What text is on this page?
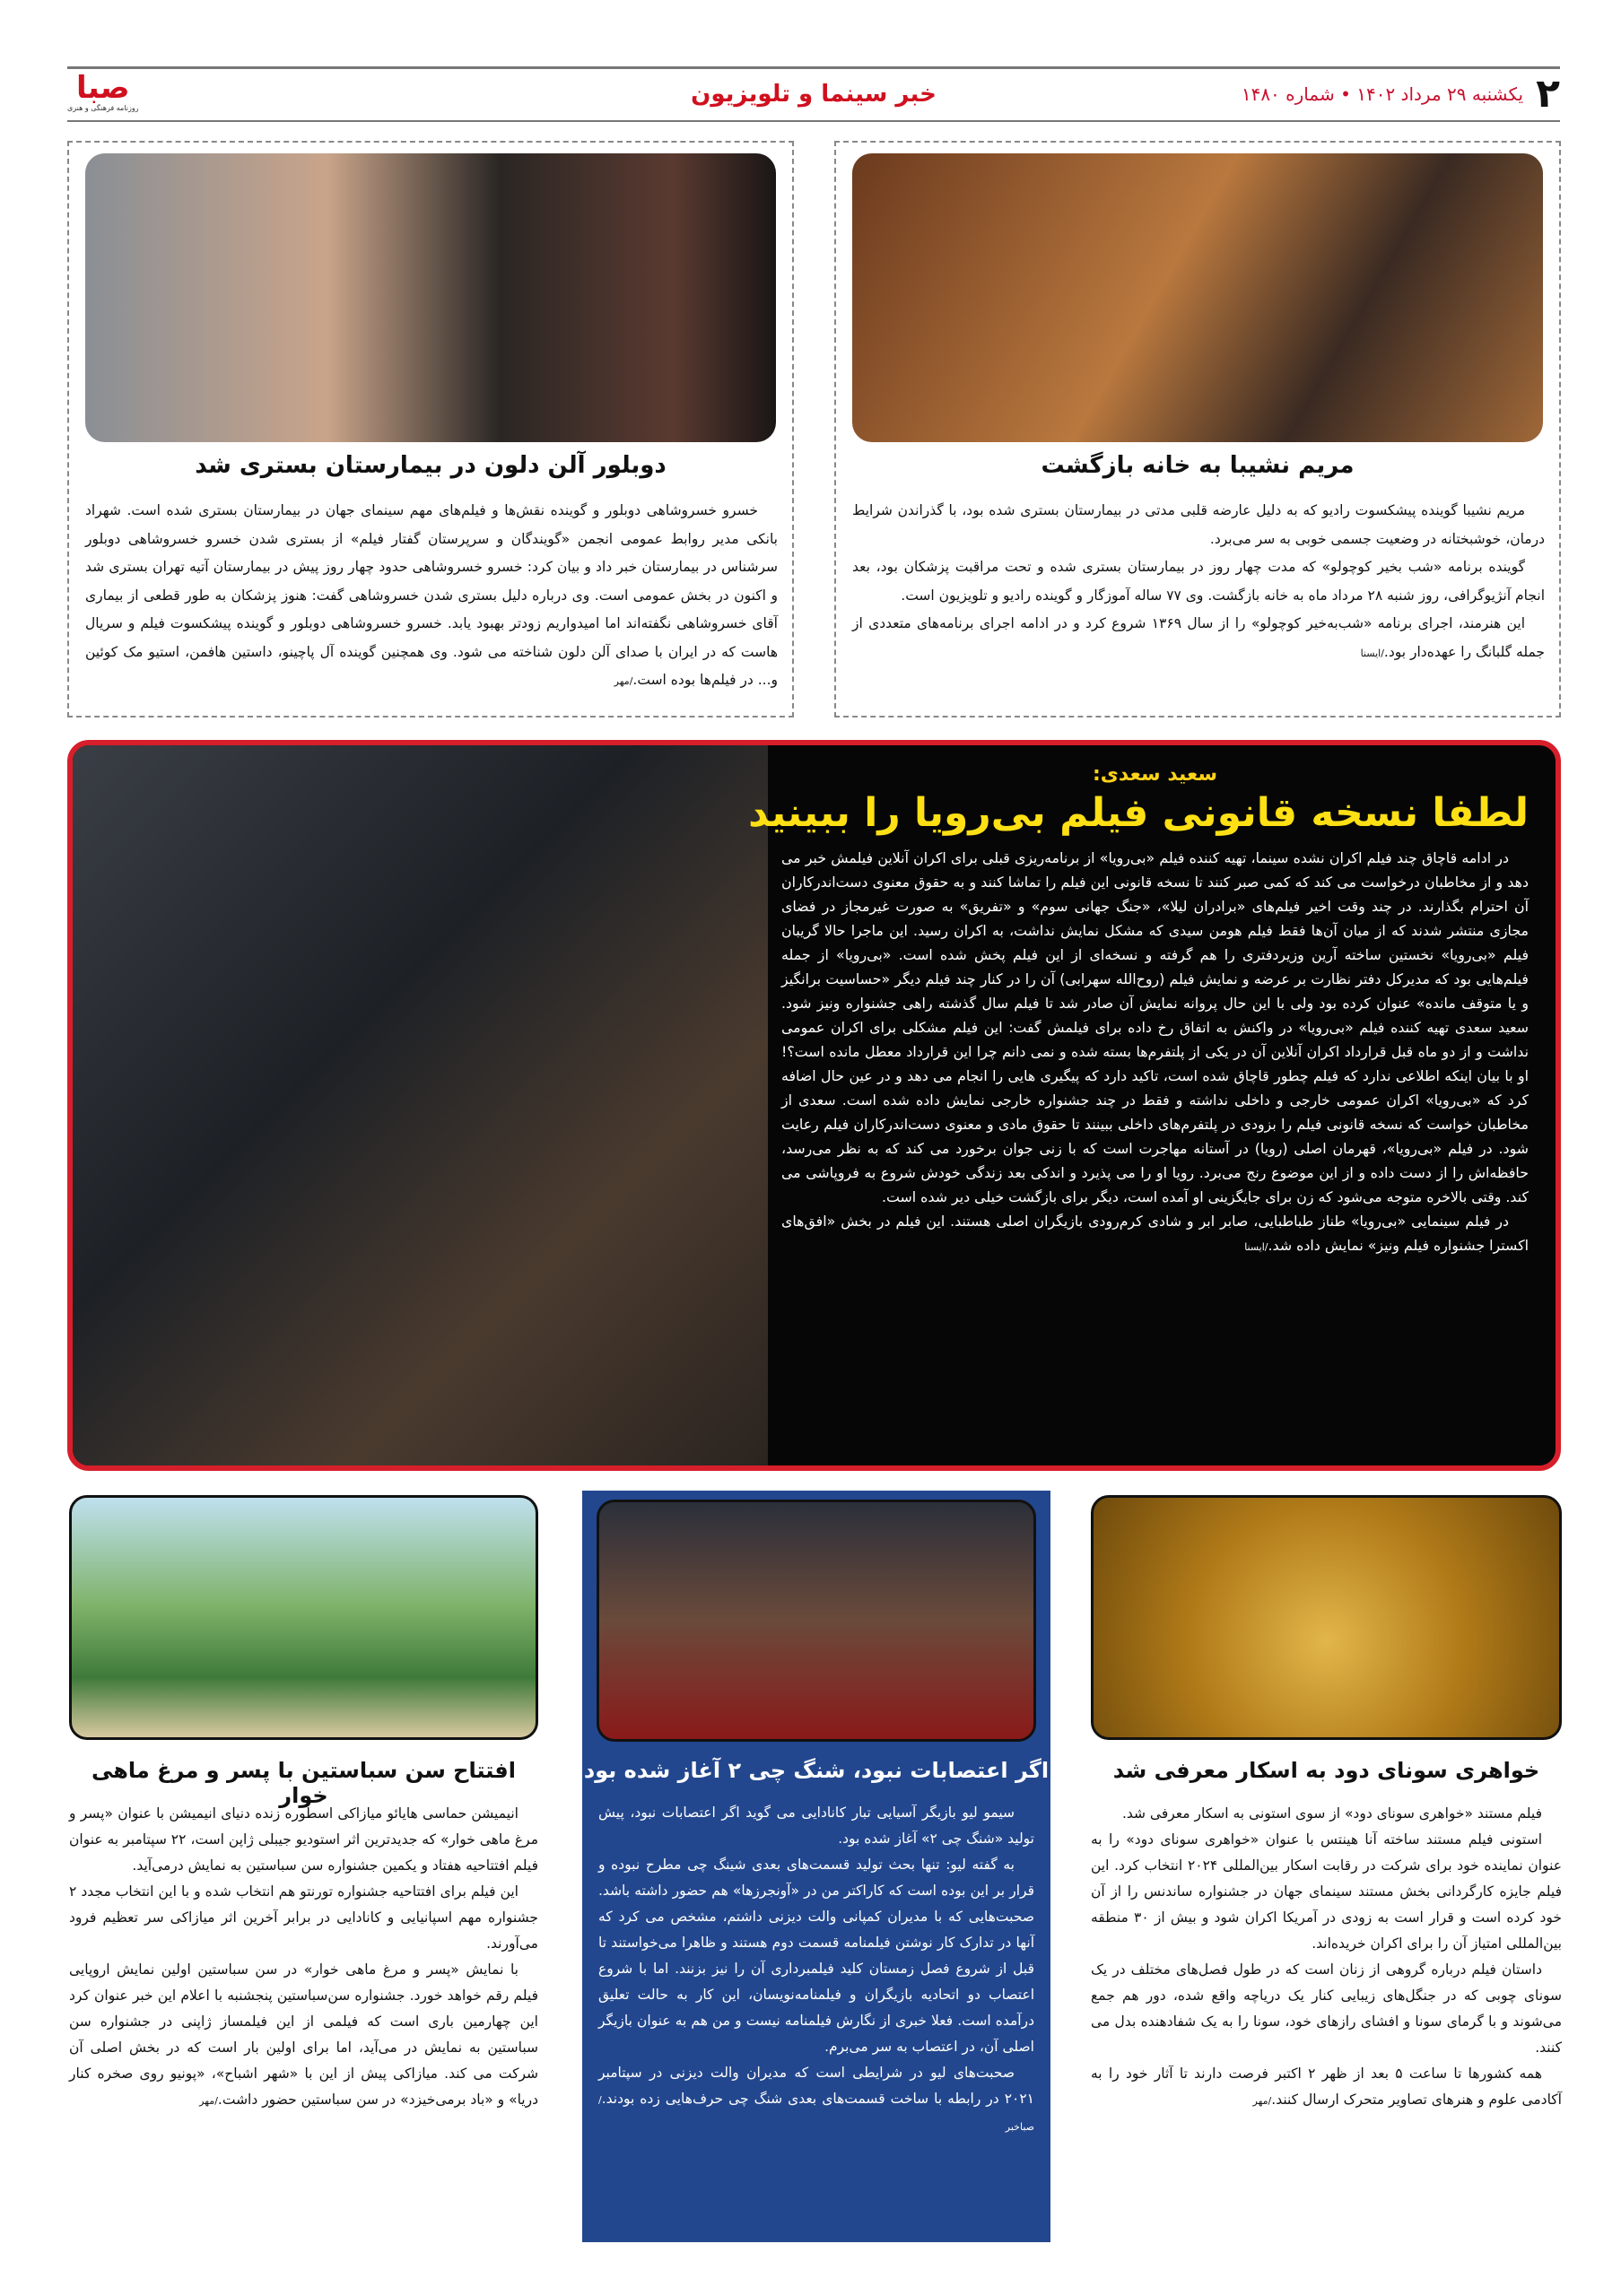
۲
یکشنبه ۲۹ مرداد ۱۴۰۲ • شماره ۱۴۸۰
خبر سینما و تلویزیون
صبا
روزنامه فرهنگی و هنری
مریم نشیبا به خانه بازگشت

مریم نشیبا گوینده پیشکسوت رادیو که به دلیل عارضه قلبی مدتی در بیمارستان بستری شده بود، با گذراندن شرایط درمان، خوشبختانه در وضعیت جسمی خوبی به سر می‌برد.

گوینده برنامه «شب بخیر کوچولو» که مدت چهار روز در بیمارستان بستری شده و تحت مراقبت پزشکان بود، بعد انجام آنژیوگرافی، روز شنبه ۲۸ مرداد ماه به خانه بازگشت. وی ۷۷ ساله آموزگار و گوینده رادیو و تلویزیون است.

این هنرمند، اجرای برنامه «شب‌به‌خیر کوچولو» را از سال ۱۳۶۹ شروع کرد و در ادامه اجرای برنامه‌های متعددی از جمله گلبانگ را عهده‌دار بود./ایسنا

دوبلور آلن دلون در بیمارستان بستری شد

خسرو خسروشاهی دوبلور و گوینده نقش‌ها و فیلم‌های مهم سینمای جهان در بیمارستان بستری شده است. شهراد بانکی مدیر روابط عمومی انجمن «گویندگان و سرپرستان گفتار فیلم» از بستری شدن خسرو خسروشاهی دوبلور سرشناس در بیمارستان خبر داد و بیان کرد: خسرو خسروشاهی حدود چهار روز پیش در بیمارستان آتیه تهران بستری شد و اکنون در بخش عمومی است. وی درباره دلیل بستری شدن خسروشاهی گفت: هنوز پزشکان به طور قطعی از بیماری آقای خسروشاهی نگفته‌اند اما امیدواریم زودتر بهبود یابد. خسرو خسروشاهی دوبلور و گوینده پیشکسوت فیلم و سریال هاست که در ایران با صدای آلن دلون شناخته می شود. وی همچنین گوینده آل پاچینو، داستین هافمن، استیو مک کوئین و... در فیلم‌ها بوده است./مهر

سعید سعدی:
لطفا نسخه قانونی فیلم بی‌رویا را ببینید

در ادامه قاچاق چند فیلم اکران نشده سینما، تهیه کننده فیلم «بی‌رویا» از برنامه‌ریزی قبلی برای اکران آنلاین فیلمش خبر می دهد و از مخاطبان درخواست می کند که کمی صبر کنند تا نسخه قانونی این فیلم را تماشا کنند و به حقوق معنوی دست‌اندرکاران آن احترام بگذارند. در چند وقت اخیر فیلم‌های «برادران لیلا»، «جنگ جهانی سوم» و «تفریق» به صورت غیرمجاز در فضای مجازی منتشر شدند که از میان آن‌ها فقط فیلم هومن سیدی که مشکل نمایش نداشت، به اکران رسید. این ماجرا حالا گریبان فیلم «بی‌رویا» نخستین ساخته آرین وزیردفتری را هم گرفته و نسخه‌ای از این فیلم پخش شده است. «بی‌رویا» از جمله فیلم‌هایی بود که مدیرکل دفتر نظارت بر عرضه و نمایش فیلم (روح‌الله سهرابی) آن را در کنار چند فیلم دیگر «حساسیت برانگیز و یا متوقف مانده» عنوان کرده بود ولی با این حال پروانه نمایش آن صادر شد تا فیلم سال گذشته راهی جشنواره ونیز شود. سعید سعدی تهیه کننده فیلم «بی‌رویا» در واکنش به اتفاق رخ داده برای فیلمش گفت: این فیلم مشکلی برای اکران عمومی نداشت و از دو ماه قبل قرارداد اکران آنلاین آن در یکی از پلتفرم‌ها بسته شده و نمی دانم چرا این قرارداد معطل مانده است؟! او با بیان اینکه اطلاعی ندارد که فیلم چطور قاچاق شده است، تاکید دارد که پیگیری هایی را انجام می دهد و در عین حال اضافه کرد که «بی‌رویا» اکران عمومی خارجی و داخلی نداشته و فقط در چند جشنواره خارجی نمایش داده شده است. سعدی از مخاطبان خواست که نسخه قانونی فیلم را بزودی در پلتفرم‌های داخلی ببینند تا حقوق مادی و معنوی دست‌اندرکاران فیلم رعایت شود. در فیلم «بی‌رویا»، قهرمان اصلی (رویا) در آستانه مهاجرت است که با زنی جوان برخورد می کند که به نظر می‌رسد، حافظه‌اش را از دست داده و از این موضوع رنج می‌برد. رویا او را می پذیرد و اندکی بعد زندگی خودش شروع به فروپاشی می کند. وقتی بالاخره متوجه می‌شود که زن برای جایگزینی او آمده است، دیگر برای بازگشت خیلی دیر شده است.

در فیلم سینمایی «بی‌رویا» طناز طباطبایی، صابر ابر و شادی کرم‌رودی بازیگران اصلی هستند. این فیلم در بخش «افق‌های اکسترا جشنواره فیلم ونیز» نمایش داده شد./ایسنا

خواهری سونای دود به اسکار معرفی شد

فیلم مستند «خواهری سونای دود» از سوی استونی به اسکار معرفی شد.

استونی فیلم مستند ساخته آنا هینتس با عنوان «خواهری سونای دود» را به عنوان نماینده خود برای شرکت در رقابت اسکار بین‌المللی ۲۰۲۴ انتخاب کرد. این فیلم جایزه کارگردانی بخش مستند سینمای جهان در جشنواره ساندنس را از آن خود کرده است و قرار است به زودی در آمریکا اکران شود و بیش از ۳۰ منطقه بین‌المللی امتیاز آن را برای اکران خریده‌اند.

داستان فیلم درباره گروهی از زنان است که در طول فصل‌های مختلف در یک سونای چوبی که در جنگل‌های زیبایی کنار یک دریاچه واقع شده، دور هم جمع می‌شوند و با گرمای سونا و افشای رازهای خود، سونا را به یک شفادهنده بدل می کنند.

همه کشورها تا ساعت ۵ بعد از ظهر ۲ اکتبر فرصت دارند تا آثار خود را به آکادمی علوم و هنرهای تصاویر متحرک ارسال کنند./مهر

اگر اعتصابات نبود، شنگ چی ۲ آغاز شده بود

سیمو لیو بازیگر آسیایی تبار کانادایی می گوید اگر اعتصابات نبود، پیش تولید «شنگ چی ۲» آغاز شده بود.

به گفته لیو: تنها بحث تولید قسمت‌های بعدی شینگ چی مطرح نبوده و قرار بر این بوده است که کاراکتر من در «آونجرزها» هم حضور داشته باشد. صحبت‌هایی که با مدیران کمپانی والت دیزنی داشتم، مشخص می کرد که آنها در تدارک کار نوشتن فیلمنامه قسمت دوم هستند و ظاهرا می‌خواستند تا قبل از شروع فصل زمستان کلید فیلمبرداری آن را نیز بزنند. اما با شروع اعتصاب دو اتحادیه بازیگران و فیلمنامه‌نویسان، این کار به حالت تعلیق درآمده است. فعلا خبری از نگارش فیلمنامه نیست و من هم به عنوان بازیگر اصلی آن، در اعتصاب به سر می‌برم.

صحبت‌های لیو در شرایطی است که مدیران والت دیزنی در سپتامبر ۲۰۲۱ در رابطه با ساخت قسمت‌های بعدی شنگ چی حرف‌هایی زده بودند./صباخبر

افتتاح سن سباستین با پسر و مرغ ماهی خوار

انیمیشن حماسی هایائو میازاکی اسطوره زنده دنیای انیمیشن با عنوان «پسر و مرغ ماهی خوار» که جدیدترین اثر استودیو جیبلی ژاپن است، ۲۲ سپتامبر به عنوان فیلم افتتاحیه هفتاد و یکمین جشنواره سن سباستین به نمایش درمی‌آید.

این فیلم برای افتتاحیه جشنواره تورنتو هم انتخاب شده و با این انتخاب مجدد ۲ جشنواره مهم اسپانیایی و کانادایی در برابر آخرین اثر میازاکی سر تعظیم فرود می‌آورند.

با نمایش «پسر و مرغ ماهی خوار» در سن سباستین اولین نمایش اروپایی فیلم رقم خواهد خورد. جشنواره سن‌سباستین پنجشنبه با اعلام این خبر عنوان کرد این چهارمین باری است که فیلمی از این فیلمساز ژاپنی در جشنواره سن سباستین به نمایش در می‌آید، اما برای اولین بار است که در بخش اصلی آن شرکت می کند. میازاکی پیش از این با «شهر اشباح»، «پونیو روی صخره کنار دریا» و «باد برمی‌خیزد» در سن سباستین حضور داشت./مهر
